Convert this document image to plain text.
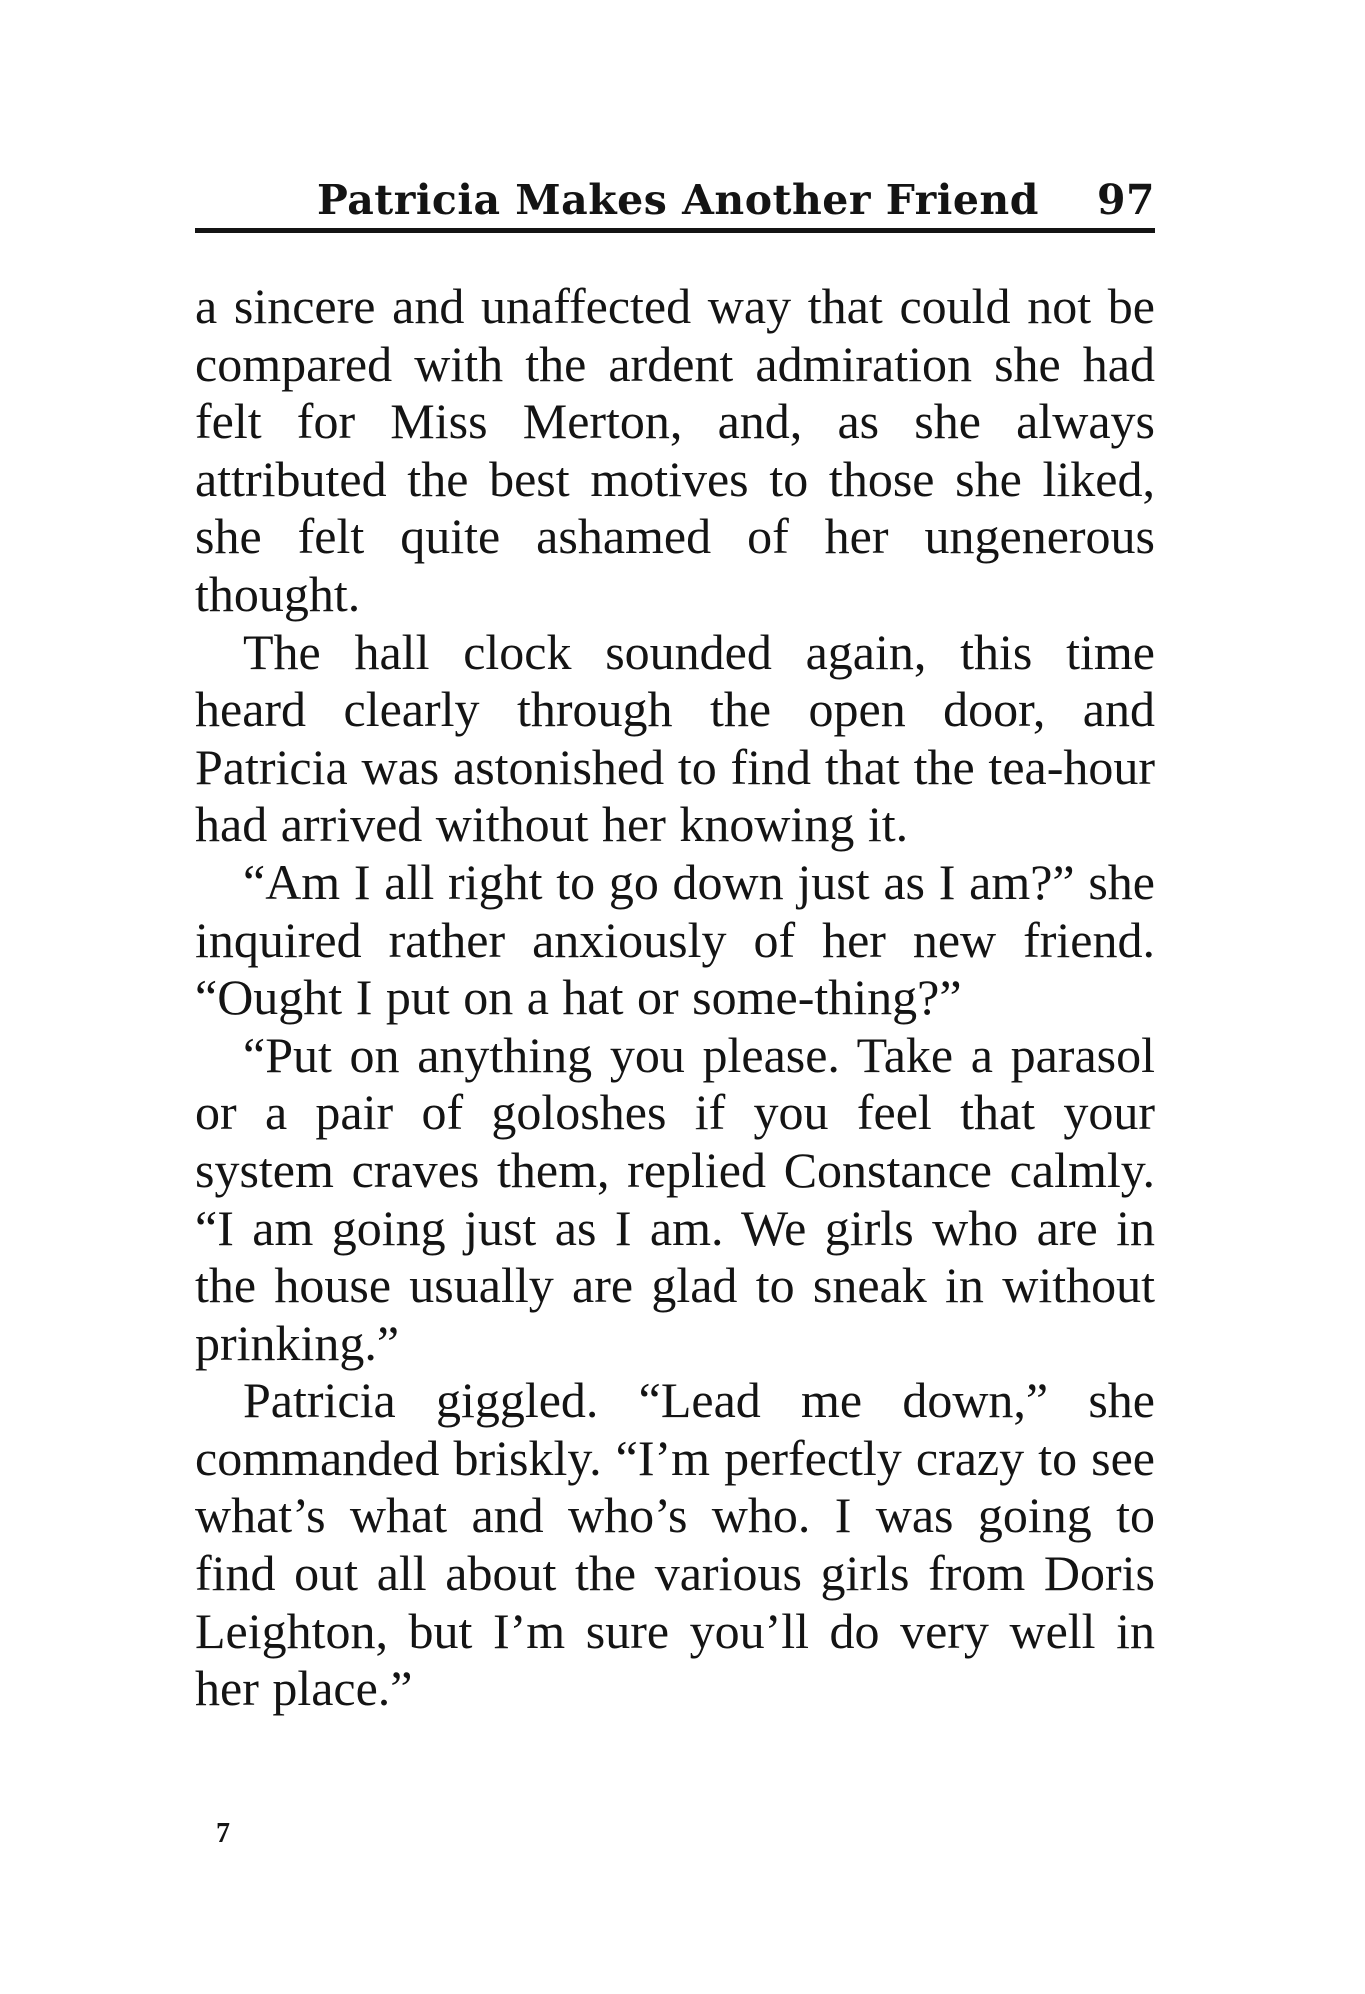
Patricia Makes Another Friend 97

a sincere and unaffected way that could not be compared with the ardent admiration she had felt for Miss Merton, and, as she always attributed the best motives to those she liked, she felt quite ashamed of her ungenerous thought.

The hall clock sounded again, this time heard clearly through the open door, and Patricia was astonished to find that the tea-hour had arrived without her knowing it.

“Am I all right to go down just as I am?” she inquired rather anxiously of her new friend. “Ought I put on a hat or some-thing?”

“Put on anything you please. Take a parasol or a pair of goloshes if you feel that your system craves them, replied Constance calmly. “I am going just as I am. We girls who are in the house usually are glad to sneak in without prinking.”

Patricia giggled. “Lead me down,” she commanded briskly. “I’m perfectly crazy to see what’s what and who’s who. I was going to find out all about the various girls from Doris Leighton, but I’m sure you’ll do very well in her place.”

7
